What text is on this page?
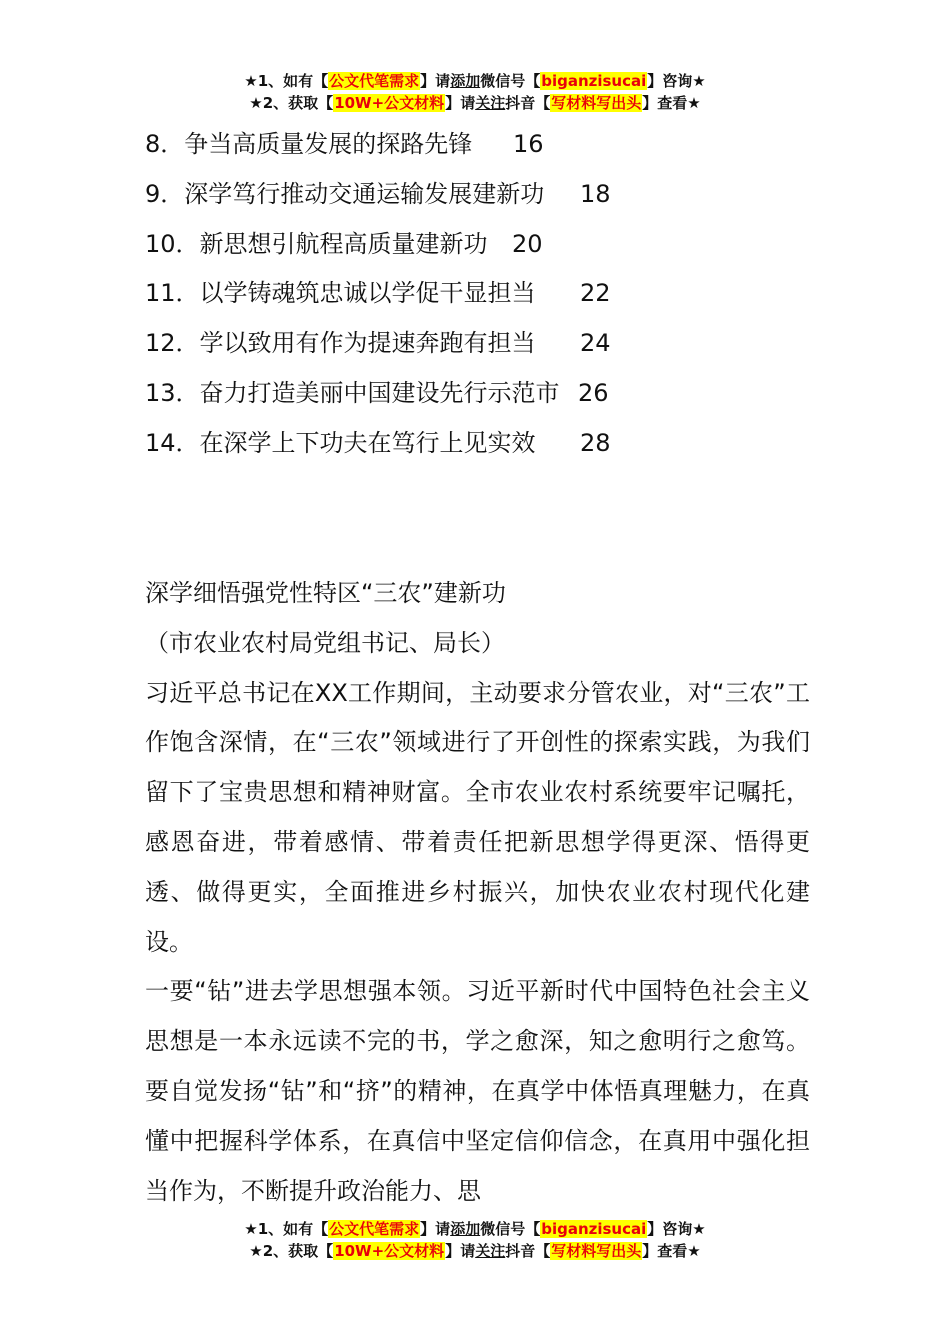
★1、如有【公文代笔需求】请添加微信号【biganzisucai】咨询★
★2、获取【10W+公文材料】请关注抖音【写材料写出头】查看★
8．争当高质量发展的探路先锋 16
9．深学笃行推动交通运输发展建新功 18
10．新思想引航程高质量建新功 20
11．以学铸魂筑忠诚以学促干显担当 22
12．学以致用有作为提速奔跑有担当 24
13．奋力打造美丽中国建设先行示范市 26
14．在深学上下功夫在笃行上见实效 28

深学细悟强党性特区“三农”建新功

（市农业农村局党组书记、局长）

习近平总书记在XX工作期间，主动要求分管农业，对“三农”工作饱含深情，在“三农”领域进行了开创性的探索实践，为我们留下了宝贵思想和精神财富。全市农业农村系统要牢记嘱托，感恩奋进，带着感情、带着责任把新思想学得更深、悟得更透、做得更实，全面推进乡村振兴，加快农业农村现代化建设。

一要“钻”进去学思想强本领。习近平新时代中国特色社会主义思想是一本永远读不完的书，学之愈深，知之愈明行之愈笃。要自觉发扬“钻”和“挤”的精神，在真学中体悟真理魅力，在真懂中把握科学体系，在真信中坚定信仰信念，在真用中强化担当作为，不断提升政治能力、思

★1、如有【公文代笔需求】请添加微信号【biganzisucai】咨询★
★2、获取【10W+公文材料】请关注抖音【写材料写出头】查看★
